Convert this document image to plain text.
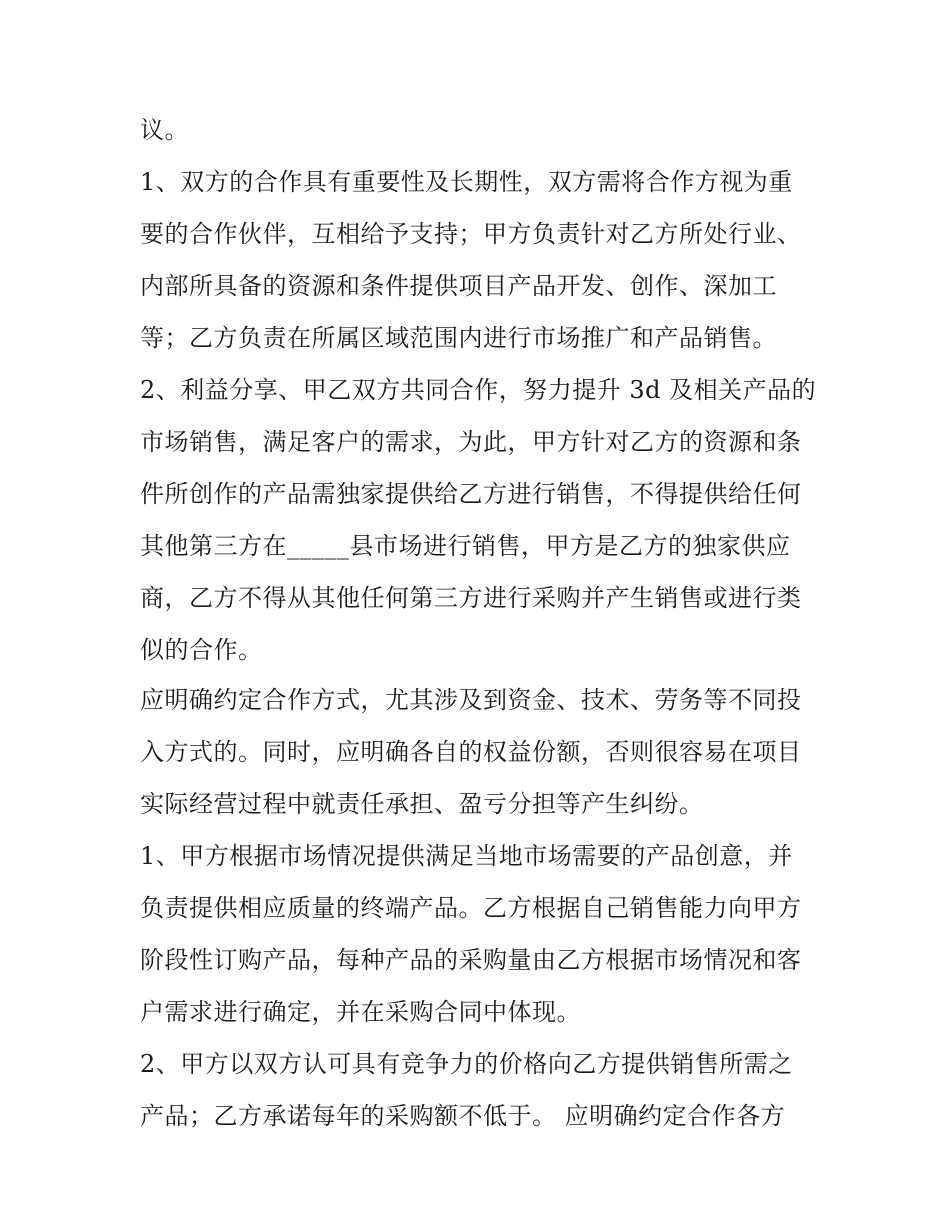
议。
1、双方的合作具有重要性及长期性，双方需将合作方视为重
要的合作伙伴，互相给予支持；甲方负责针对乙方所处行业、
内部所具备的资源和条件提供项目产品开发、创作、深加工
等；乙方负责在所属区域范围内进行市场推广和产品销售。
2、利益分享、甲乙双方共同合作，努力提升 3d 及相关产品的
市场销售，满足客户的需求，为此，甲方针对乙方的资源和条
件所创作的产品需独家提供给乙方进行销售，不得提供给任何
其他第三方在_____县市场进行销售，甲方是乙方的独家供应
商，乙方不得从其他任何第三方进行采购并产生销售或进行类
似的合作。
应明确约定合作方式，尤其涉及到资金、技术、劳务等不同投
入方式的。同时，应明确各自的权益份额，否则很容易在项目
实际经营过程中就责任承担、盈亏分担等产生纠纷。
1、甲方根据市场情况提供满足当地市场需要的产品创意，并
负责提供相应质量的终端产品。乙方根据自己销售能力向甲方
阶段性订购产品，每种产品的采购量由乙方根据市场情况和客
户需求进行确定，并在采购合同中体现。
2、甲方以双方认可具有竞争力的价格向乙方提供销售所需之
产品；乙方承诺每年的采购额不低于。 应明确约定合作各方
